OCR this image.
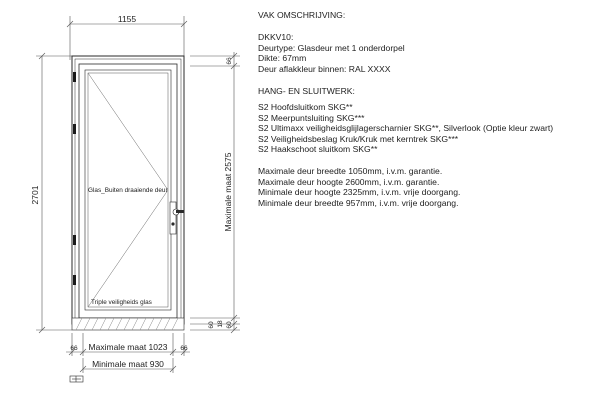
1155
2701
66
Maximale maat 2575
60 18 60
Glas_Buiten draaiende deur
Triple veiligheids glas
66 Maximale maat 1023 66
Minimale maat 930
VAK OMSCHRIJVING:
DKKV10:
Deurtype: Glasdeur met 1 onderdorpel
Dikte: 67mm
Deur aflakkleur binnen: RAL XXXX
HANG- EN SLUITWERK:
S2 Hoofdsluitkom SKG**
S2 Meerpuntsluiting SKG***
S2 Ultimaxx veiligheidsglijlagerscharnier SKG**, Silverlook (Optie kleur zwart)
S2 Veiligheidsbeslag Kruk/Kruk met kerntrek SKG***
S2 Haakschoot sluitkom SKG**
Maximale deur breedte 1050mm, i.v.m. garantie.
Maximale deur hoogte 2600mm, i.v.m. garantie.
Minimale deur hoogte 2325mm, i.v.m. vrije doorgang.
Minimale deur breedte 957mm, i.v.m. vrije doorgang.
